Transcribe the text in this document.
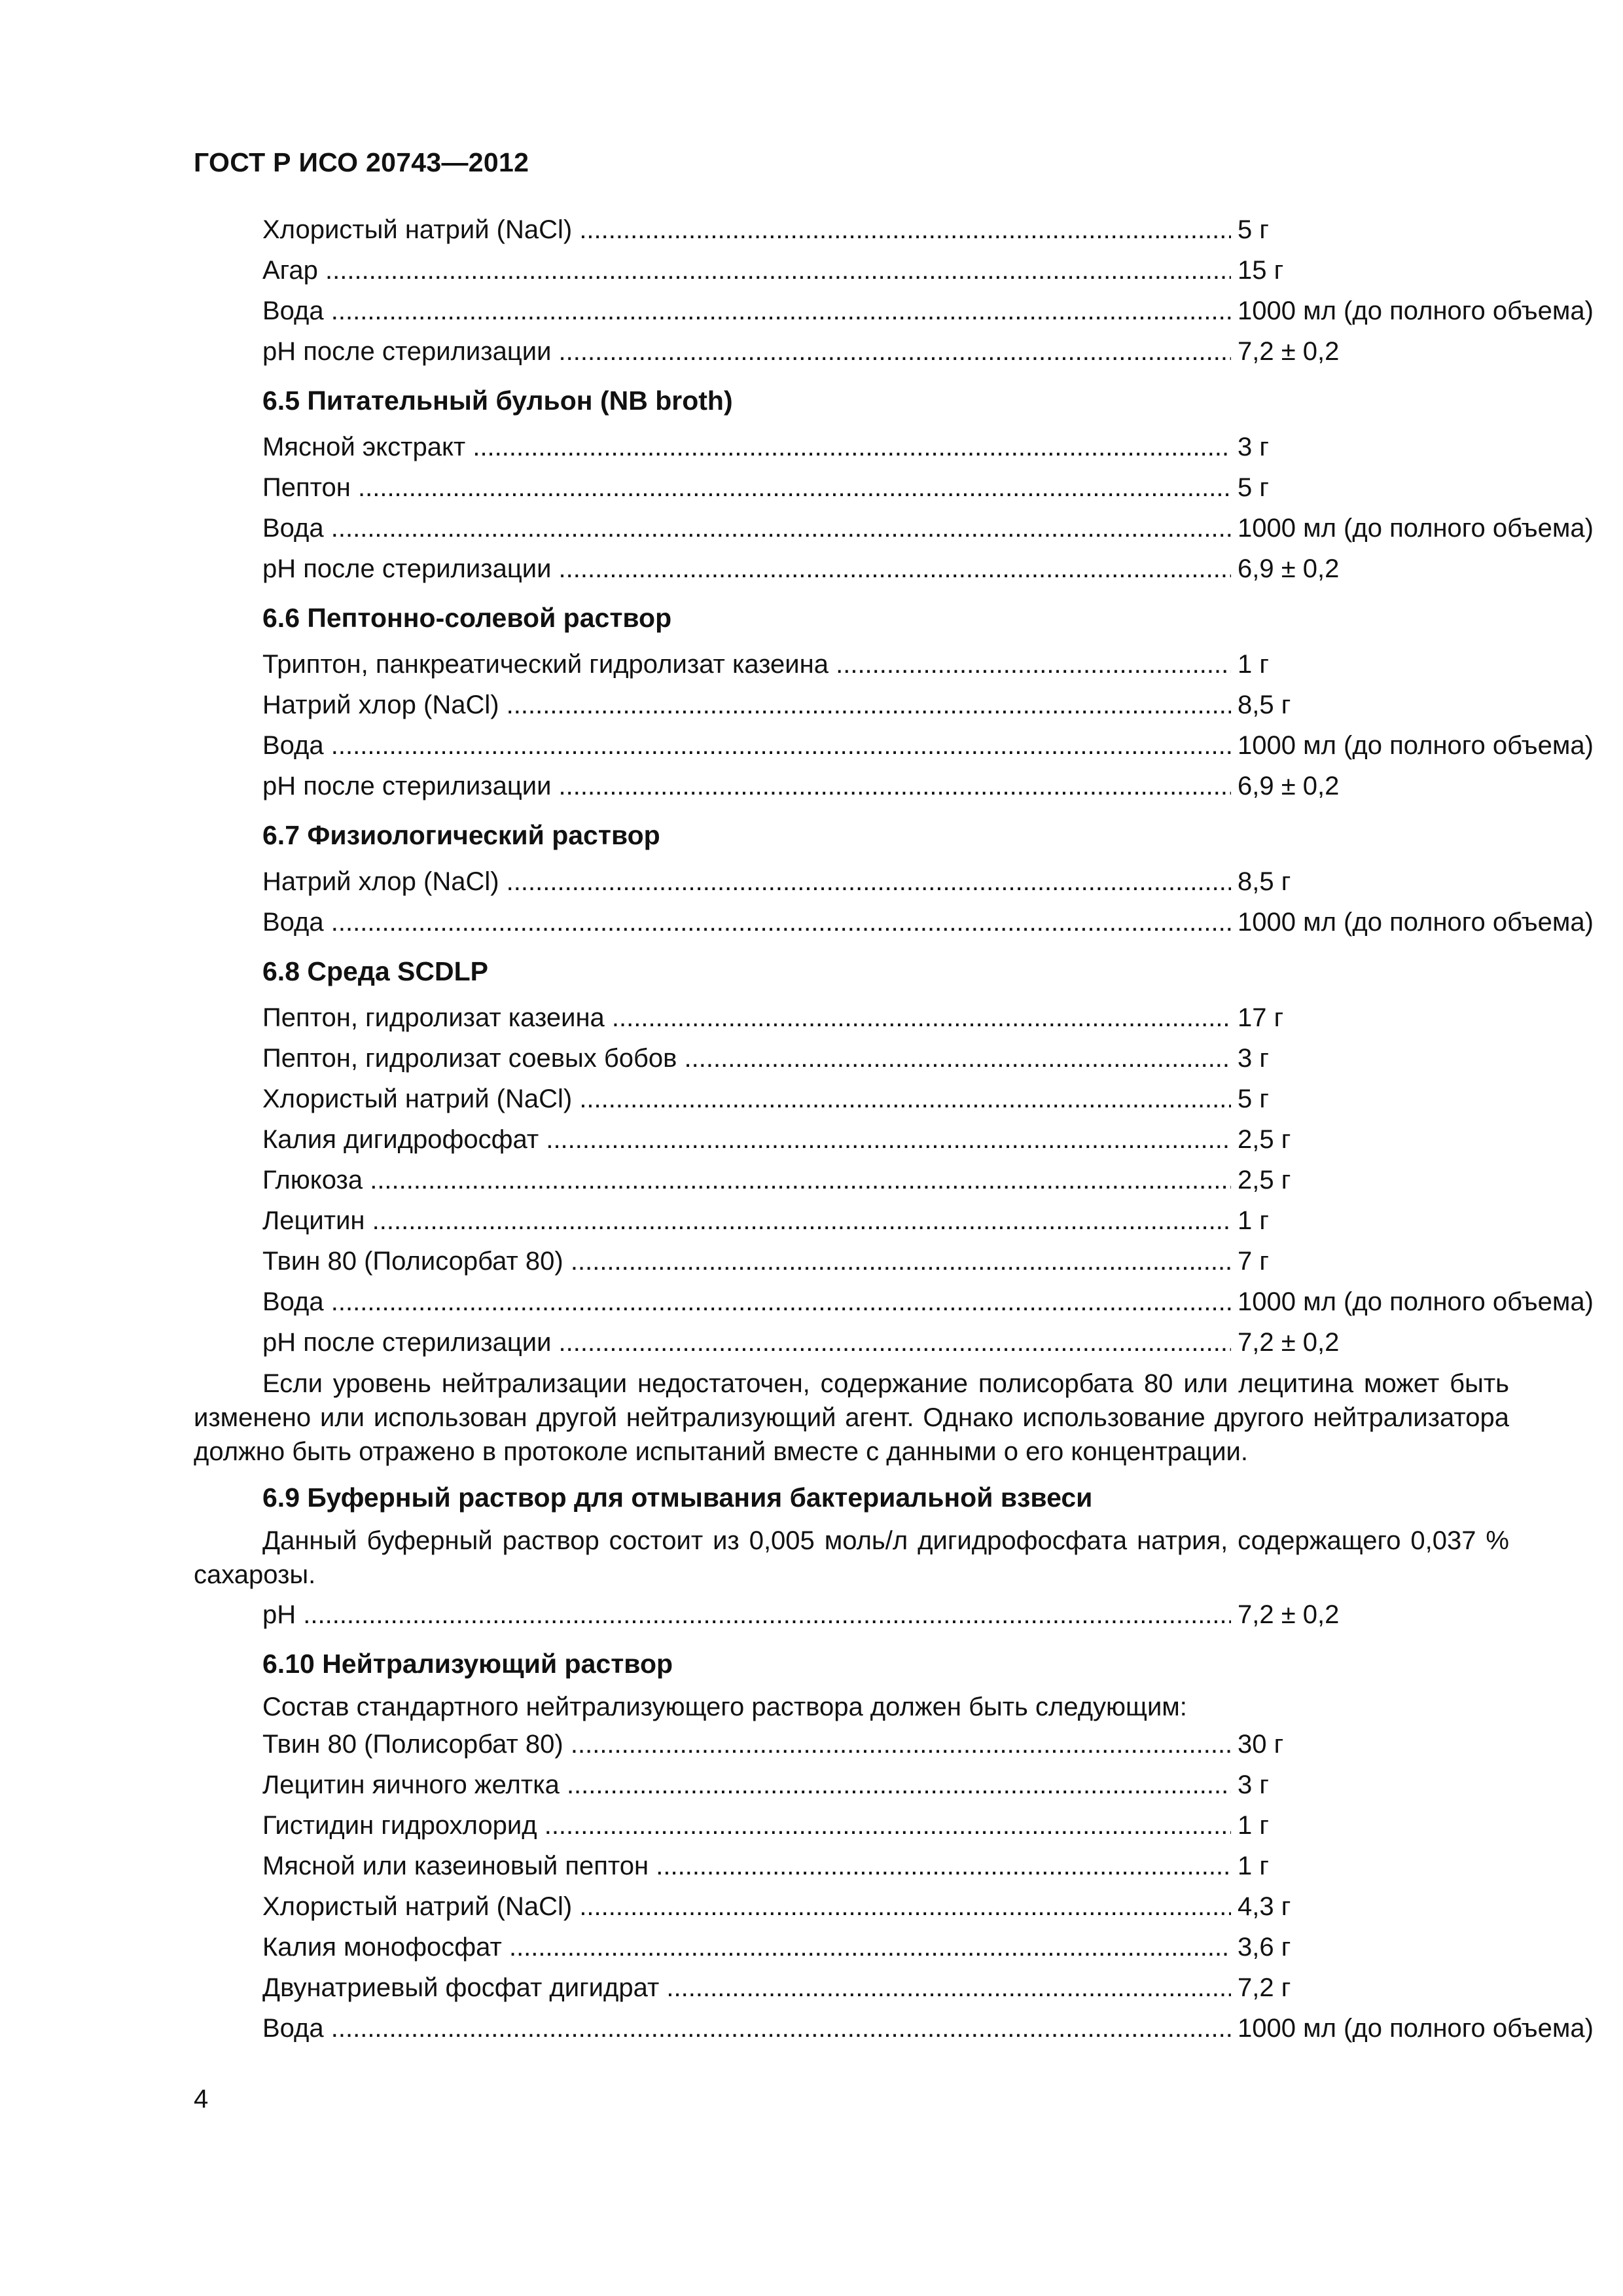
ГОСТ Р ИСО 20743—2012
Хлористый натрий (NaCl) .....	5 г
Агар .....	15 г
Вода .....	1000 мл (до полного объема)
рН после стерилизации .....	7,2 ± 0,2
6.5 Питательный бульон (NB broth)
Мясной экстракт .....	3 г
Пептон .....	5 г
Вода .....	1000 мл (до полного объема)
рН после стерилизации .....	6,9 ± 0,2
6.6 Пептонно-солевой раствор
Триптон, панкреатический гидролизат казеина .....	1 г
Натрий хлор (NaCl) .....	8,5 г
Вода .....	1000 мл (до полного объема)
рН после стерилизации .....	6,9 ± 0,2
6.7 Физиологический раствор
Натрий хлор (NaCl) .....	8,5 г
Вода .....	1000 мл (до полного объема)
6.8 Среда SCDLP
Пептон, гидролизат казеина .....	17 г
Пептон, гидролизат соевых бобов .....	3 г
Хлористый натрий (NaCl) .....	5 г
Калия дигидрофосфат .....	2,5 г
Глюкоза .....	2,5 г
Лецитин .....	1 г
Твин 80 (Полисорбат 80) .....	7 г
Вода .....	1000 мл (до полного объема)
рН после стерилизации .....	7,2 ± 0,2
Если уровень нейтрализации недостаточен, содержание полисорбата 80 или лецитина может быть изменено или использован другой нейтрализующий агент. Однако использование другого нейтрализатора должно быть отражено в протоколе испытаний вместе с данными о его концентрации.
6.9 Буферный раствор для отмывания бактериальной взвеси
Данный буферный раствор состоит из 0,005 моль/л дигидрофосфата натрия, содержащего 0,037 % сахарозы.
рН .....	7,2 ± 0,2
6.10 Нейтрализующий раствор
Состав стандартного нейтрализующего раствора должен быть следующим:
Твин 80 (Полисорбат 80) .....	30 г
Лецитин яичного желтка .....	3 г
Гистидин гидрохлорид .....	1 г
Мясной или казеиновый пептон .....	1 г
Хлористый натрий (NaCl) .....	4,3 г
Калия монофосфат .....	3,6 г
Двунатриевый фосфат дигидрат .....	7,2 г
Вода .....	1000 мл (до полного объема)
4
